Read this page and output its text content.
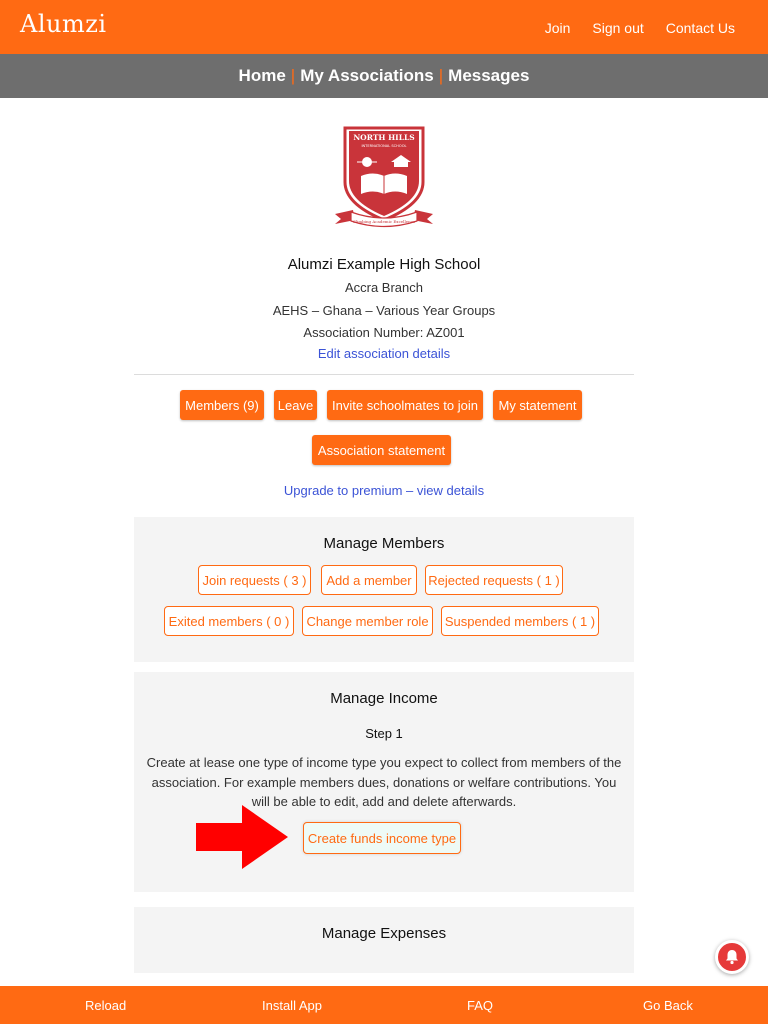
Alumzi	Join Sign out Contact Us
Home | My Associations | Messages
NORTH HILLS
INTERNATIONAL SCHOOL
Climbing Academic Excellence
Alumzi Example High School
Accra Branch
AEHS – Ghana – Various Year Groups
Association Number: AZ001
Edit association details
Members (9)	Leave	Invite schoolmates to join	My statement
Association statement
Upgrade to premium – view details
Manage Members
Join requests ( 3 )	Add a member	Rejected requests ( 1 )
Exited members ( 0 )	Change member role	Suspended members ( 1 )
Manage Income
Step 1
Create at lease one type of income type you expect to collect from members of the association. For example members dues, donations or welfare contributions. You will be able to edit, add and delete afterwards.
Create funds income type
Manage Expenses
Reload	Install App	FAQ	Go Back
